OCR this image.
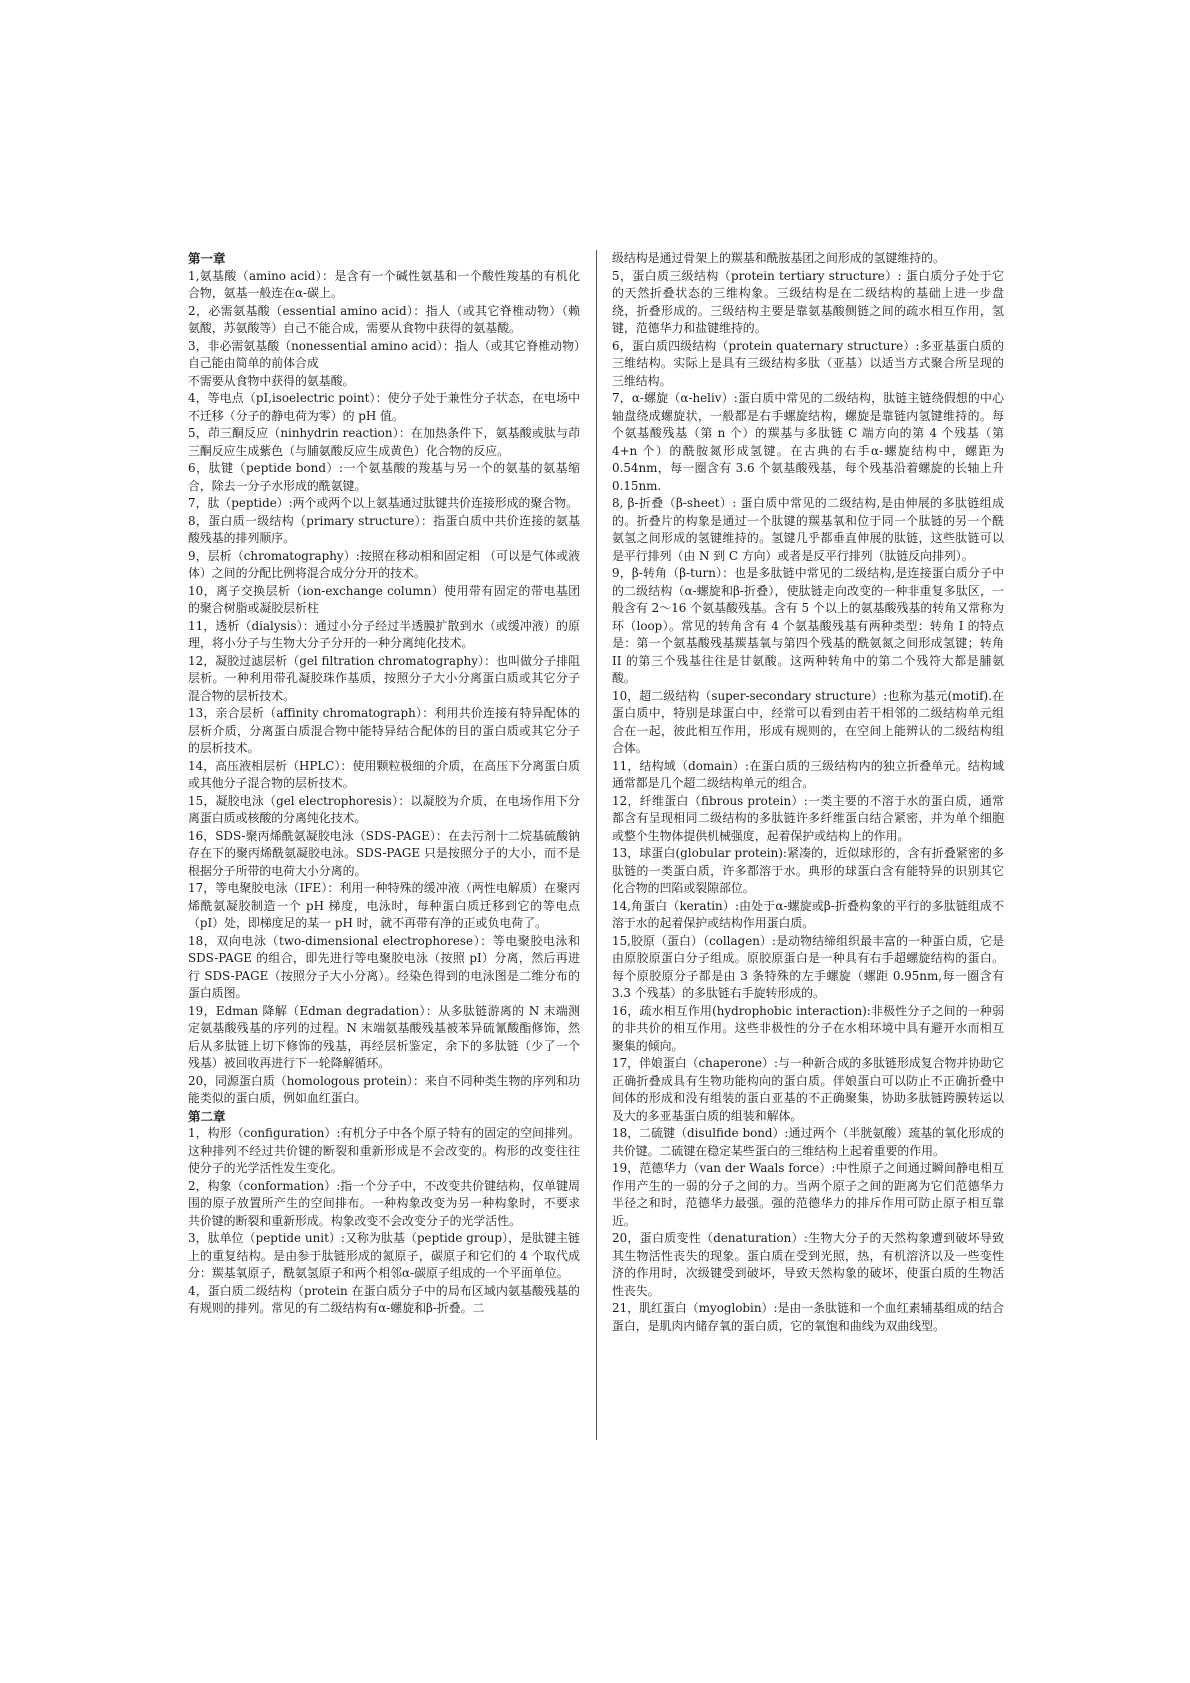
第一章

1,氨基酸（amino acid）：是含有一个碱性氨基和一个酸性羧基的有机化合物，氨基一般连在α-碳上。

2，必需氨基酸（essential amino acid）：指人（或其它脊椎动物）（赖氨酸，苏氨酸等）自己不能合成，需要从食物中获得的氨基酸。

3，非必需氨基酸（nonessential amino acid）：指人（或其它脊椎动物）自己能由简单的前体合成

不需要从食物中获得的氨基酸。

4，等电点（pI,isoelectric point）：使分子处于兼性分子状态，在电场中不迁移（分子的静电荷为零）的 pH 值。

5，茚三酮反应（ninhydrin reaction）：在加热条件下，氨基酸或肽与茚三酮反应生成紫色（与脯氨酸反应生成黄色）化合物的反应。

6，肽键（peptide bond）:一个氨基酸的羧基与另一个的氨基的氨基缩合，除去一分子水形成的酰氨键。

7，肽（peptide）:两个或两个以上氨基通过肽键共价连接形成的聚合物。

8，蛋白质一级结构（primary structure）：指蛋白质中共价连接的氨基酸残基的排列顺序。

9，层析（chromatography）:按照在移动相和固定相 （可以是气体或液体）之间的分配比例将混合成分分开的技术。

10，离子交换层析（ion-exchange column）使用带有固定的带电基团的聚合树脂或凝胶层析柱

11，透析（dialysis）：通过小分子经过半透膜扩散到水（或缓冲液）的原理，将小分子与生物大分子分开的一种分离纯化技术。

12，凝胶过滤层析（gel filtration chromatography）：也叫做分子排阻层析。一种利用带孔凝胶珠作基质，按照分子大小分离蛋白质或其它分子混合物的层析技术。

13，亲合层析（affinity chromatograph）：利用共价连接有特异配体的层析介质，分离蛋白质混合物中能特异结合配体的目的蛋白质或其它分子的层析技术。

14，高压液相层析（HPLC）：使用颗粒极细的介质，在高压下分离蛋白质或其他分子混合物的层析技术。

15，凝胶电泳（gel electrophoresis）：以凝胶为介质，在电场作用下分离蛋白质或核酸的分离纯化技术。

16，SDS-聚丙烯酰氨凝胶电泳（SDS-PAGE）：在去污剂十二烷基硫酸钠存在下的聚丙烯酰氨凝胶电泳。SDS-PAGE 只是按照分子的大小，而不是根据分子所带的电荷大小分离的。

17，等电聚胶电泳（IFE）：利用一种特殊的缓冲液（两性电解质）在聚丙烯酰氨凝胶制造一个 pH 梯度，电泳时，每种蛋白质迁移到它的等电点（pI）处，即梯度足的某一 pH 时，就不再带有净的正或负电荷了。

18，双向电泳（two-dimensional electrophorese）：等电聚胶电泳和 SDS-PAGE 的组合，即先进行等电聚胶电泳（按照 pI）分离，然后再进行 SDS-PAGE（按照分子大小分离）。经染色得到的电泳图是二维分布的蛋白质图。

19，Edman 降解（Edman degradation）：从多肽链游离的 N 末端测定氨基酸残基的序列的过程。N 末端氨基酸残基被苯异硫氰酸酯修饰，然后从多肽链上切下修饰的残基，再经层析鉴定，余下的多肽链（少了一个残基）被回收再进行下一轮降解循环。

20，同源蛋白质（homologous protein）：来自不同种类生物的序列和功能类似的蛋白质，例如血红蛋白。

第二章

1，构形（configuration）:有机分子中各个原子特有的固定的空间排列。这种排列不经过共价键的断裂和重新形成是不会改变的。构形的改变往往使分子的光学活性发生变化。

2，构象（conformation）:指一个分子中，不改变共价键结构，仅单键周围的原子放置所产生的空间排布。一种构象改变为另一种构象时，不要求共价键的断裂和重新形成。构象改变不会改变分子的光学活性。

3，肽单位（peptide unit）:又称为肽基（peptide group），是肽键主链上的重复结构。是由参于肽链形成的氮原子，碳原子和它们的 4 个取代成分：羰基氧原子，酰氨氢原子和两个相邻α-碳原子组成的一个平面单位。

4，蛋白质二级结构（protein 在蛋白质分子中的局布区域内氨基酸残基的有规则的排列。常见的有二级结构有α-螺旋和β-折叠。二

级结构是通过骨架上的羰基和酰胺基团之间形成的氢键维持的。

5，蛋白质三级结构（protein tertiary structure）: 蛋白质分子处于它的天然折叠状态的三维构象。三级结构是在二级结构的基础上进一步盘绕，折叠形成的。三级结构主要是靠氨基酸侧链之间的疏水相互作用，氢键，范德华力和盐键维持的。

6，蛋白质四级结构（protein quaternary structure）:多亚基蛋白质的三维结构。实际上是具有三级结构多肽（亚基）以适当方式聚合所呈现的三维结构。

7，α-螺旋（α-heliv）:蛋白质中常见的二级结构，肽链主链绕假想的中心轴盘绕成螺旋状，一般都是右手螺旋结构，螺旋是靠链内氢键维持的。每个氨基酸残基（第 n 个）的羰基与多肽链 C 端方向的第 4 个残基（第 4+n 个）的酰胺氮形成氢键。在古典的右手α-螺旋结构中，螺距为 0.54nm，每一圈含有 3.6 个氨基酸残基，每个残基沿着螺旋的长轴上升 0.15nm.

8, β-折叠（β-sheet）: 蛋白质中常见的二级结构,是由伸展的多肽链组成的。折叠片的构象是通过一个肽键的羰基氧和位于同一个肽链的另一个酰氨氢之间形成的氢键维持的。氢键几乎都垂直伸展的肽链，这些肽链可以是平行排列（由 N 到 C 方向）或者是反平行排列（肽链反向排列）。

9，β-转角（β-turn）：也是多肽链中常见的二级结构,是连接蛋白质分子中的二级结构（α-螺旋和β-折叠），使肽链走向改变的一种非重复多肽区，一般含有 2～16 个氨基酸残基。含有 5 个以上的氨基酸残基的转角又常称为环（loop）。常见的转角含有 4 个氨基酸残基有两种类型：转角 I 的特点是：第一个氨基酸残基羰基氧与第四个残基的酰氨氮之间形成氢键；转角 II 的第三个残基往往是甘氨酸。这两种转角中的第二个残符大都是脯氨酸。

10，超二级结构（super-secondary structure）:也称为基元(motif).在蛋白质中，特别是球蛋白中，经常可以看到由若干相邻的二级结构单元组合在一起，彼此相互作用，形成有规则的，在空间上能辨认的二级结构组合体。

11，结构域（domain）:在蛋白质的三级结构内的独立折叠单元。结构域通常都是几个超二级结构单元的组合。

12，纤维蛋白（fibrous protein）:一类主要的不溶于水的蛋白质，通常都含有呈现相同二级结构的多肽链许多纤维蛋白结合紧密，并为单个细胞或整个生物体提供机械强度，起着保护或结构上的作用。

13，球蛋白(globular protein):紧凑的，近似球形的，含有折叠紧密的多肽链的一类蛋白质，许多都溶于水。典形的球蛋白含有能特异的识别其它化合物的凹陷或裂隙部位。

14,角蛋白（keratin）:由处于α-螺旋或β-折叠构象的平行的多肽链组成不溶于水的起着保护或结构作用蛋白质。

15,胶原（蛋白）（collagen）:是动物结缔组织最丰富的一种蛋白质，它是由原胶原蛋白分子组成。原胶原蛋白是一种具有右手超螺旋结构的蛋白。每个原胶原分子都是由 3 条特殊的左手螺旋（螺距 0.95nm,每一圈含有 3.3 个残基）的多肽链右手旋转形成的。

16，疏水相互作用(hydrophobic interaction):非极性分子之间的一种弱的非共价的相互作用。这些非极性的分子在水相环境中具有避开水而相互聚集的倾向。

17，伴娘蛋白（chaperone）:与一种新合成的多肽链形成复合物并协助它正确折叠成具有生物功能构向的蛋白质。伴娘蛋白可以防止不正确折叠中间体的形成和没有组装的蛋白亚基的不正确聚集，协助多肽链跨膜转运以及大的多亚基蛋白质的组装和解体。

18，二硫键（disulfide bond）:通过两个（半胱氨酸）巯基的氧化形成的共价键。二硫键在稳定某些蛋白的三维结构上起着重要的作用。

19，范德华力（van der Waals force）:中性原子之间通过瞬间静电相互作用产生的一弱的分子之间的力。当两个原子之间的距离为它们范德华力半径之和时，范德华力最强。强的范德华力的排斥作用可防止原子相互靠近。

20，蛋白质变性（denaturation）:生物大分子的天然构象遭到破坏导致其生物活性丧失的现象。蛋白质在受到光照，热，有机溶济以及一些变性济的作用时，次级键受到破坏，导致天然构象的破坏，使蛋白质的生物活性丧失。

21，肌红蛋白（myoglobin）:是由一条肽链和一个血红素辅基组成的结合蛋白，是肌肉内储存氧的蛋白质，它的氧饱和曲线为双曲线型。
